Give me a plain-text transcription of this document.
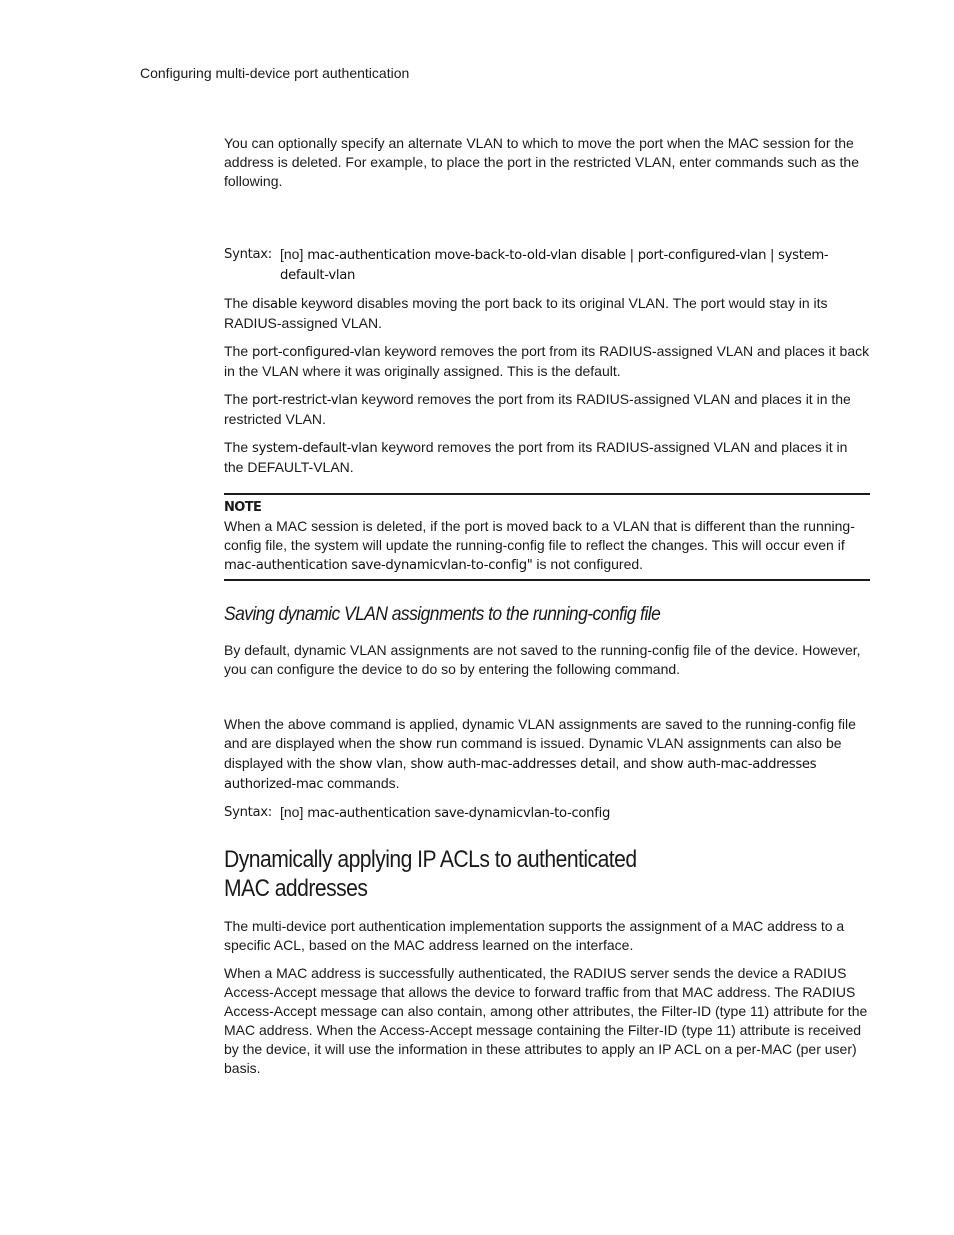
Configuring multi-device port authentication

You can optionally specify an alternate VLAN to which to move the port when the MAC session for the address is deleted. For example, to place the port in the restricted VLAN, enter commands such as the following.

Syntax: [no] mac-authentication move-back-to-old-vlan disable | port-configured-vlan | system-default-vlan

The disable keyword disables moving the port back to its original VLAN. The port would stay in its RADIUS-assigned VLAN.

The port-configured-vlan keyword removes the port from its RADIUS-assigned VLAN and places it back in the VLAN where it was originally assigned. This is the default.

The port-restrict-vlan keyword removes the port from its RADIUS-assigned VLAN and places it in the restricted VLAN.

The system-default-vlan keyword removes the port from its RADIUS-assigned VLAN and places it in the DEFAULT-VLAN.

NOTE

When a MAC session is deleted, if the port is moved back to a VLAN that is different than the running-config file, the system will update the running-config file to reflect the changes. This will occur even if mac-authentication save-dynamicvlan-to-config" is not configured.

Saving dynamic VLAN assignments to the running-config file

By default, dynamic VLAN assignments are not saved to the running-config file of the device. However, you can configure the device to do so by entering the following command.

When the above command is applied, dynamic VLAN assignments are saved to the running-config file and are displayed when the show run command is issued. Dynamic VLAN assignments can also be displayed with the show vlan, show auth-mac-addresses detail, and show auth-mac-addresses authorized-mac commands.

Syntax: [no] mac-authentication save-dynamicvlan-to-config
Dynamically applying IP ACLs to authenticated MAC addresses

The multi-device port authentication implementation supports the assignment of a MAC address to a specific ACL, based on the MAC address learned on the interface.

When a MAC address is successfully authenticated, the RADIUS server sends the device a RADIUS Access-Accept message that allows the device to forward traffic from that MAC address. The RADIUS Access-Accept message can also contain, among other attributes, the Filter-ID (type 11) attribute for the MAC address. When the Access-Accept message containing the Filter-ID (type 11) attribute is received by the device, it will use the information in these attributes to apply an IP ACL on a per-MAC (per user) basis.
